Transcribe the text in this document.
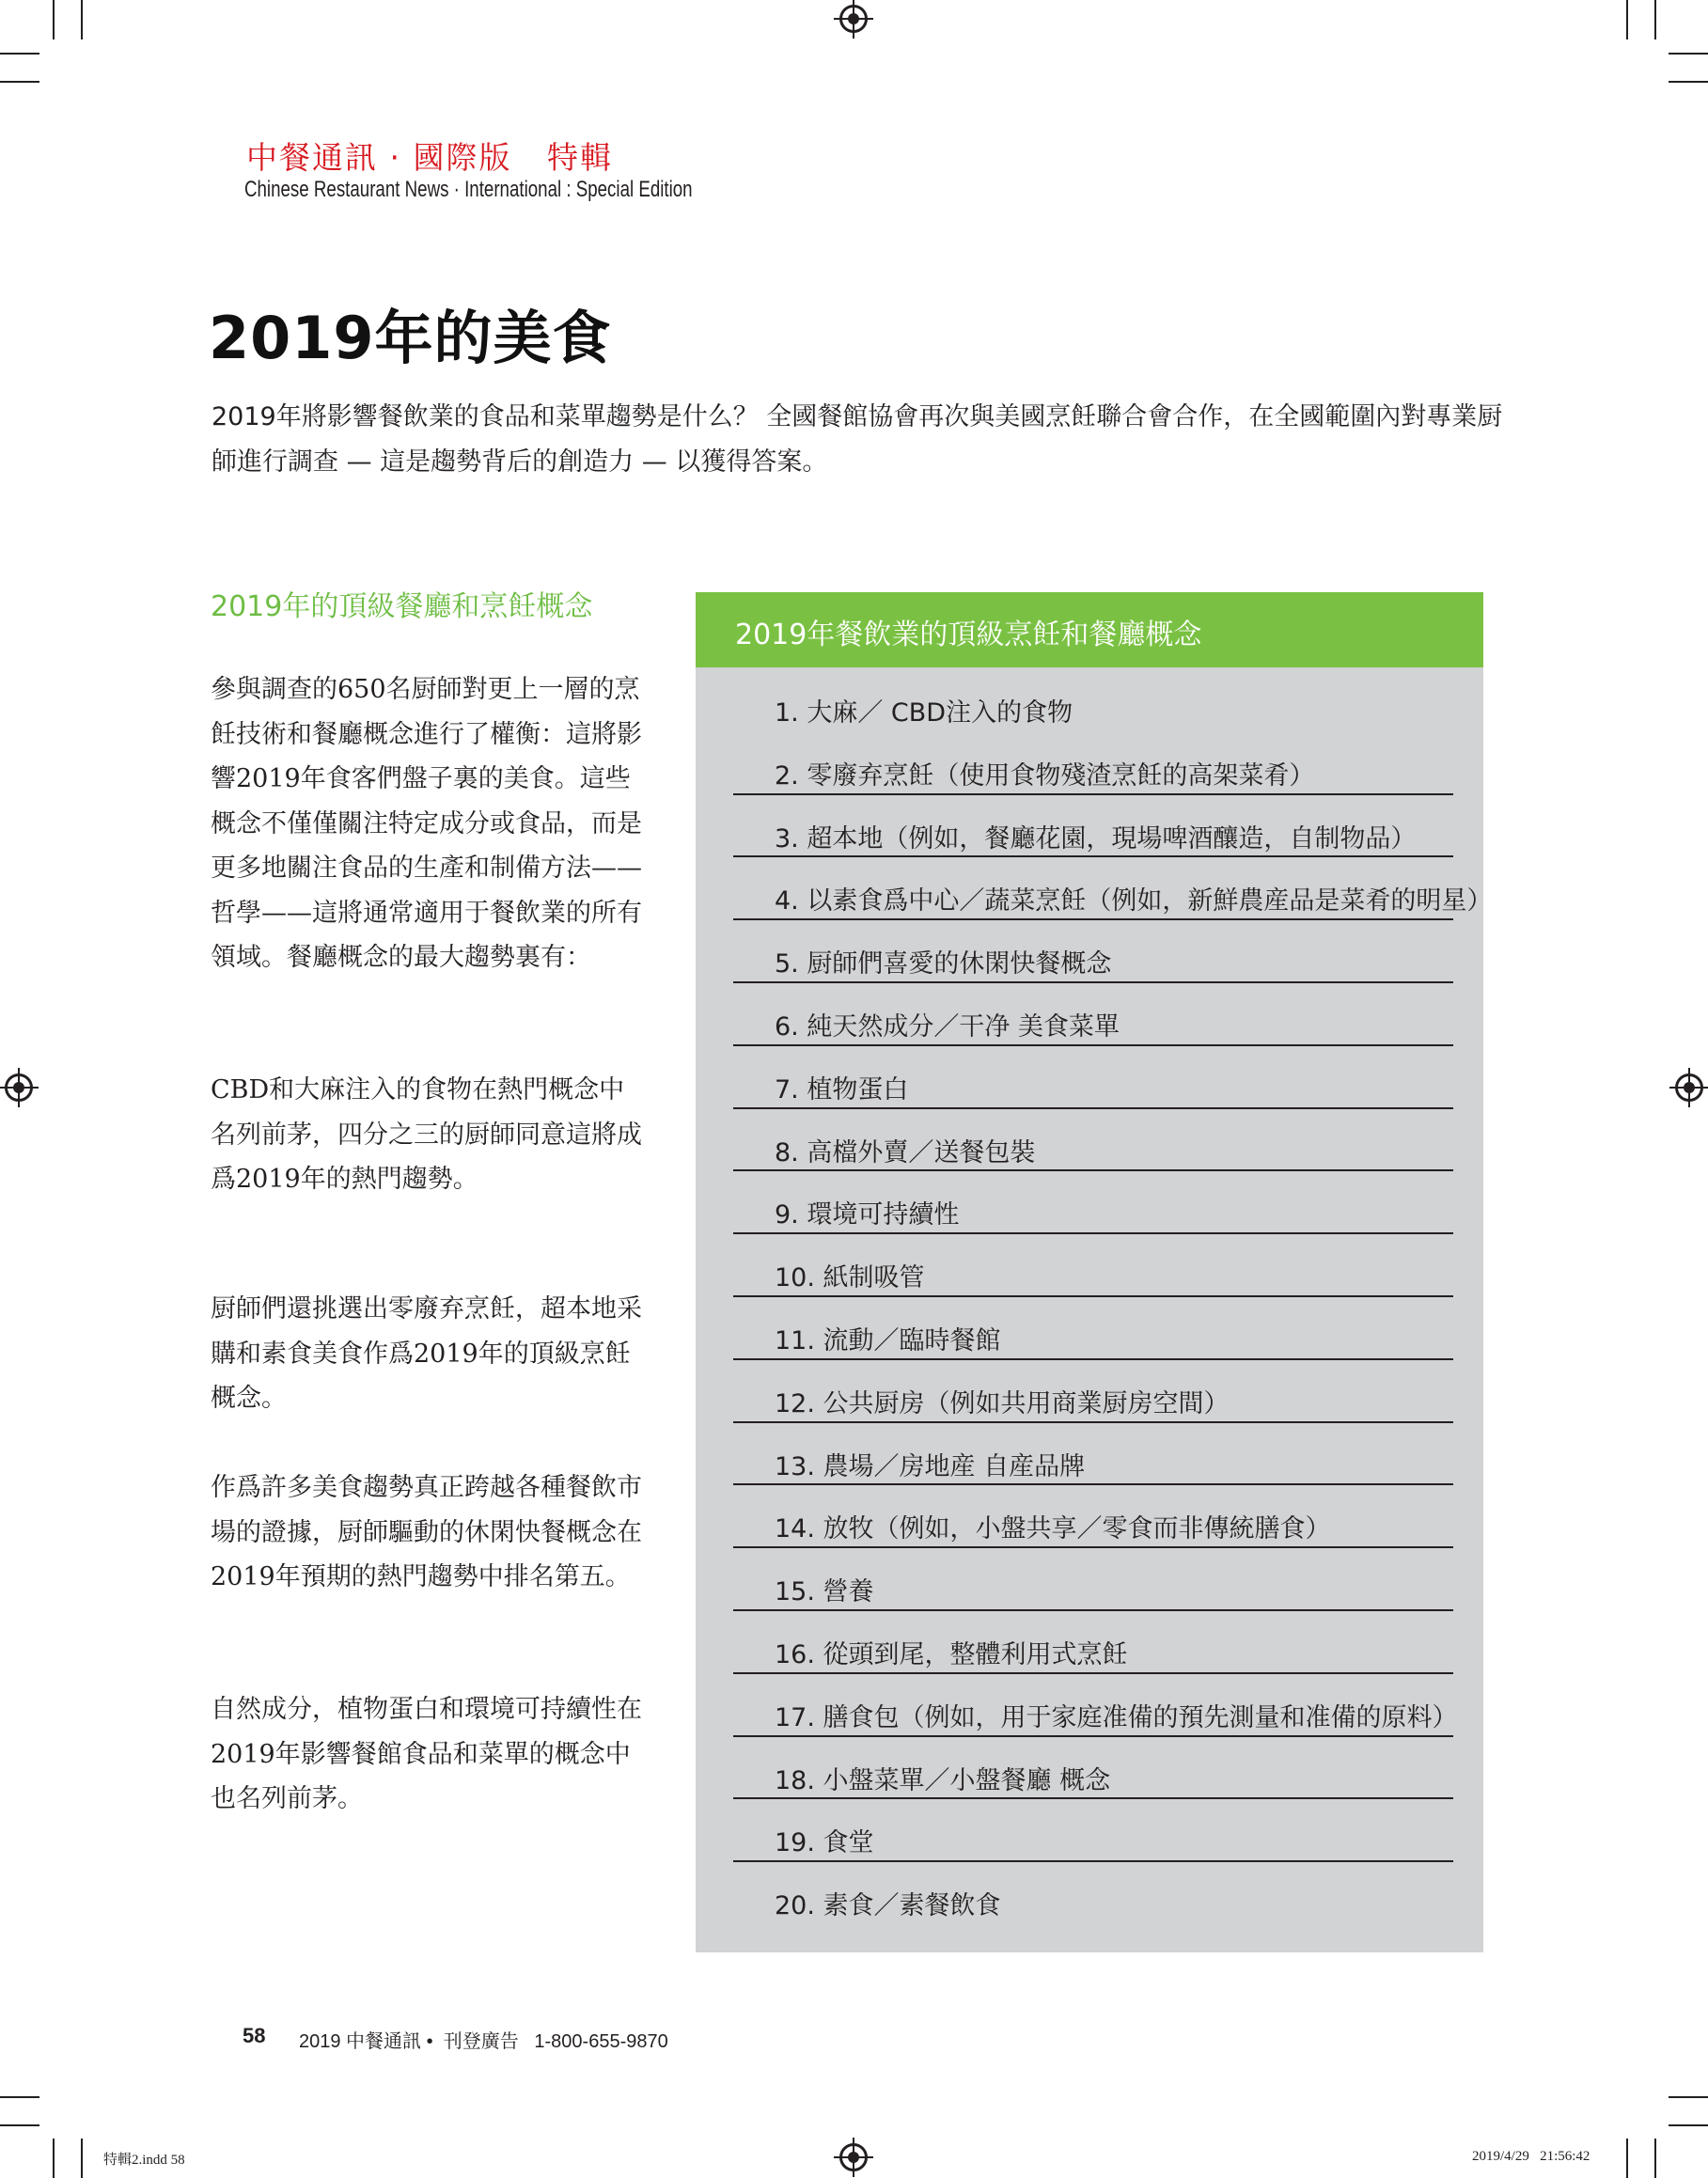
中餐通訊 · 國際版   特輯
Chinese Restaurant News · International : Special Edition
2019年的美食
2019年將影響餐飲業的食品和菜單趨勢是什么？ 全國餐館協會再次與美國烹飪聯合會合作，在全國範圍內對專業厨師進行調查 — 這是趨勢背后的創造力 — 以獲得答案。
2019年的頂級餐廳和烹飪概念

參與調查的650名厨師對更上一層的烹飪技術和餐廳概念進行了權衡：這將影響2019年食客們盤子裏的美食。這些概念不僅僅關注特定成分或食品，而是更多地關注食品的生產和制備方法——哲學——這將通常適用于餐飲業的所有領域。餐廳概念的最大趨勢裏有：

CBD和大麻注入的食物在熱門概念中名列前茅，四分之三的厨師同意這將成爲2019年的熱門趨勢。

厨師們還挑選出零廢弃烹飪，超本地采購和素食美食作爲2019年的頂級烹飪概念。

作爲許多美食趨勢真正跨越各種餐飲市場的證據，厨師驅動的休閑快餐概念在2019年預期的熱門趨勢中排名第五。

自然成分，植物蛋白和環境可持續性在2019年影響餐館食品和菜單的概念中也名列前茅。

2019年餐飲業的頂級烹飪和餐廳概念
1. 大麻／ CBD注入的食物
2. 零廢弃烹飪（使用食物殘渣烹飪的高架菜肴）
3. 超本地（例如，餐廳花園，現場啤酒釀造，自制物品）
4. 以素食爲中心／蔬菜烹飪（例如，新鮮農産品是菜肴的明星）
5. 厨師們喜愛的休閑快餐概念
6. 純天然成分／干净 美食菜單
7. 植物蛋白
8. 高檔外賣／送餐包裝
9. 環境可持續性
10. 紙制吸管
11. 流動／臨時餐館
12. 公共厨房（例如共用商業厨房空間）
13. 農場／房地産 自産品牌
14. 放牧（例如，小盤共享／零食而非傳統膳食）
15. 營養
16. 從頭到尾，整體利用式烹飪
17. 膳食包（例如，用于家庭准備的預先測量和准備的原料）
18. 小盤菜單／小盤餐廳 概念
19. 食堂
20. 素食／素餐飲食
58 2019 中餐通訊 •  刊登廣告   1-800-655-9870
特輯2.indd 58	2019/4/29   21:56:42
